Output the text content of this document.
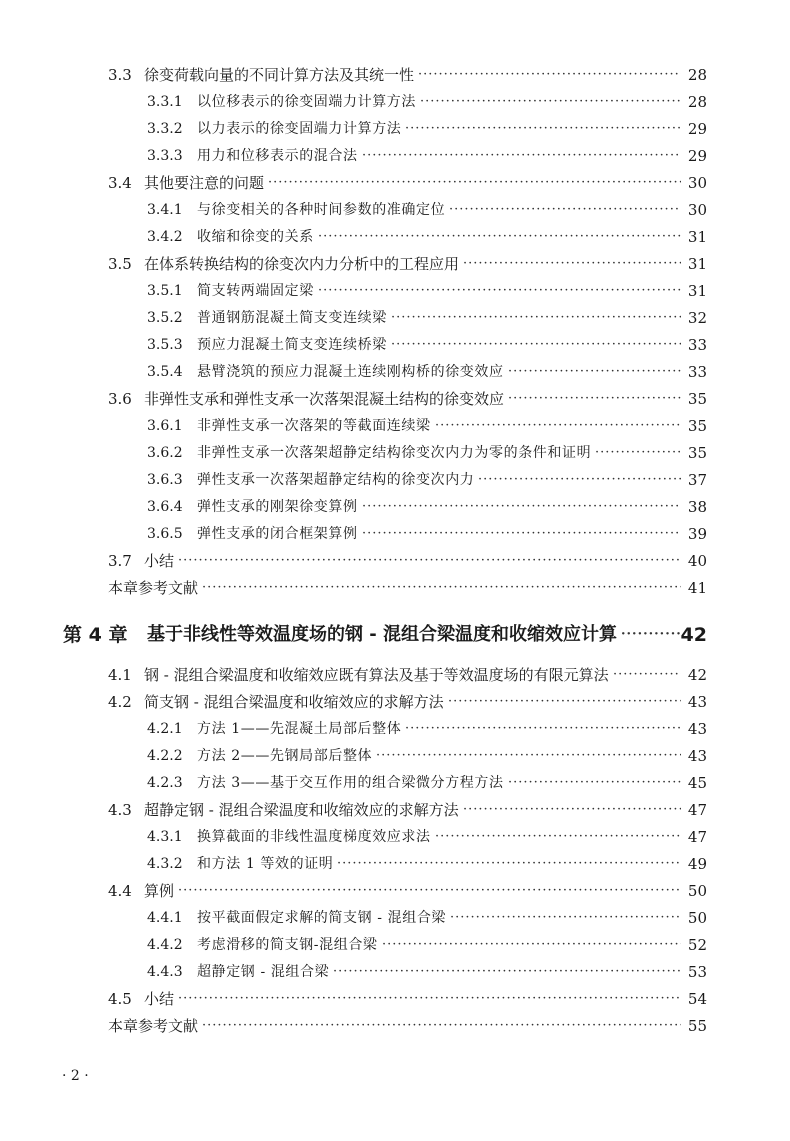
3.3 徐变荷载向量的不同计算方法及其统一性 ·····	28
3.3.1 以位移表示的徐变固端力计算方法 ·····	28
3.3.2 以力表示的徐变固端力计算方法 ·····	29
3.3.3 用力和位移表示的混合法 ·····	29
3.4 其他要注意的问题 ·····	30
3.4.1 与徐变相关的各种时间参数的准确定位 ·····	30
3.4.2 收缩和徐变的关系 ·····	31
3.5 在体系转换结构的徐变次内力分析中的工程应用 ·····	31
3.5.1 简支转两端固定梁 ·····	31
3.5.2 普通钢筋混凝土简支变连续梁 ·····	32
3.5.3 预应力混凝土简支变连续桥梁 ·····	33
3.5.4 悬臂浇筑的预应力混凝土连续刚构桥的徐变效应 ·····	33
3.6 非弹性支承和弹性支承一次落架混凝土结构的徐变效应 ·····	35
3.6.1 非弹性支承一次落架的等截面连续梁 ·····	35
3.6.2 非弹性支承一次落架超静定结构徐变次内力为零的条件和证明 ·····	35
3.6.3 弹性支承一次落架超静定结构的徐变次内力 ·····	37
3.6.4 弹性支承的刚架徐变算例 ·····	38
3.6.5 弹性支承的闭合框架算例 ·····	39
3.7 小结 ·····	40
本章参考文献 ·····	41
第 4 章 基于非线性等效温度场的钢 - 混组合梁温度和收缩效应计算 ·····	42
4.1 钢 - 混组合梁温度和收缩效应既有算法及基于等效温度场的有限元算法 ·····	42
4.2 简支钢 - 混组合梁温度和收缩效应的求解方法 ·····	43
4.2.1 方法 1——先混凝土局部后整体 ·····	43
4.2.2 方法 2——先钢局部后整体 ·····	43
4.2.3 方法 3——基于交互作用的组合梁微分方程方法 ·····	45
4.3 超静定钢 - 混组合梁温度和收缩效应的求解方法 ·····	47
4.3.1 换算截面的非线性温度梯度效应求法 ·····	47
4.3.2 和方法 1 等效的证明 ·····	49
4.4 算例 ·····	50
4.4.1 按平截面假定求解的简支钢 - 混组合梁 ·····	50
4.4.2 考虑滑移的简支钢-混组合梁 ·····	52
4.4.3 超静定钢 - 混组合梁 ·····	53
4.5 小结 ·····	54
本章参考文献 ·····	55
· 2 ·
